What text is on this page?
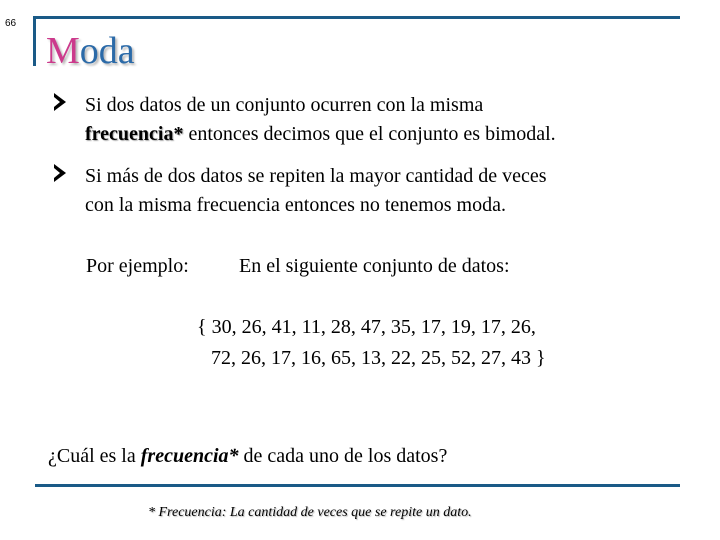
66
Moda
Si dos datos de un conjunto ocurren con la misma
frecuencia* entonces decimos que el conjunto es bimodal.
Si más de dos datos se repiten la mayor cantidad de veces
con la misma frecuencia entonces no tenemos moda.
Por ejemplo:	En el siguiente conjunto de datos:
{ 30, 26, 41, 11, 28, 47, 35, 17, 19, 17, 26,
72, 26, 17, 16, 65, 13, 22, 25, 52, 27, 43 }
¿Cuál es la frecuencia* de cada uno de los datos?
* Frecuencia: La cantidad de veces que se repite un dato.
